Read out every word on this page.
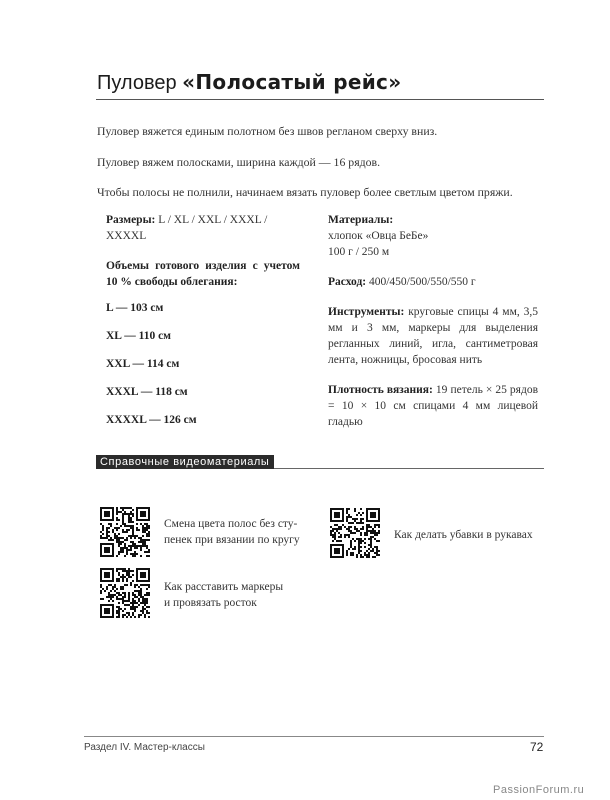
Пуловер «Полосатый рейс»
Пуловер вяжется единым полотном без швов регланом сверху вниз.
Пуловер вяжем полосками, ширина каждой — 16 рядов.
Чтобы полосы не полнили, начинаем вязать пуловер более светлым цветом пряжи.
Размеры: L / XL / XXL / XXXL / XXXXL
Объемы готового изделия с учетом 10 % свободы облегания:
L — 103 см
XL — 110 см
XXL — 114 см
XXXL — 118 см
XXXXL — 126 см
Материалы:
хлопок «Овца БеБе»
100 г / 250 м
Расход: 400/450/500/550/550 г
Инструменты: круговые спицы 4 мм, 3,5 мм и 3 мм, маркеры для выделения регланных линий, игла, сантиметровая лента, ножницы, бросовая нить
Плотность вязания: 19 петель × 25 рядов = 10 × 10 см спицами 4 мм лицевой гладью
Справочные видеоматериалы
Смена цвета полос без сту-
пенек при вязании по кругу
Как расставить маркеры
и провязать росток
Как делать убавки в рукавах
Раздел IV. Мастер-классы	72
PassionForum.ru
